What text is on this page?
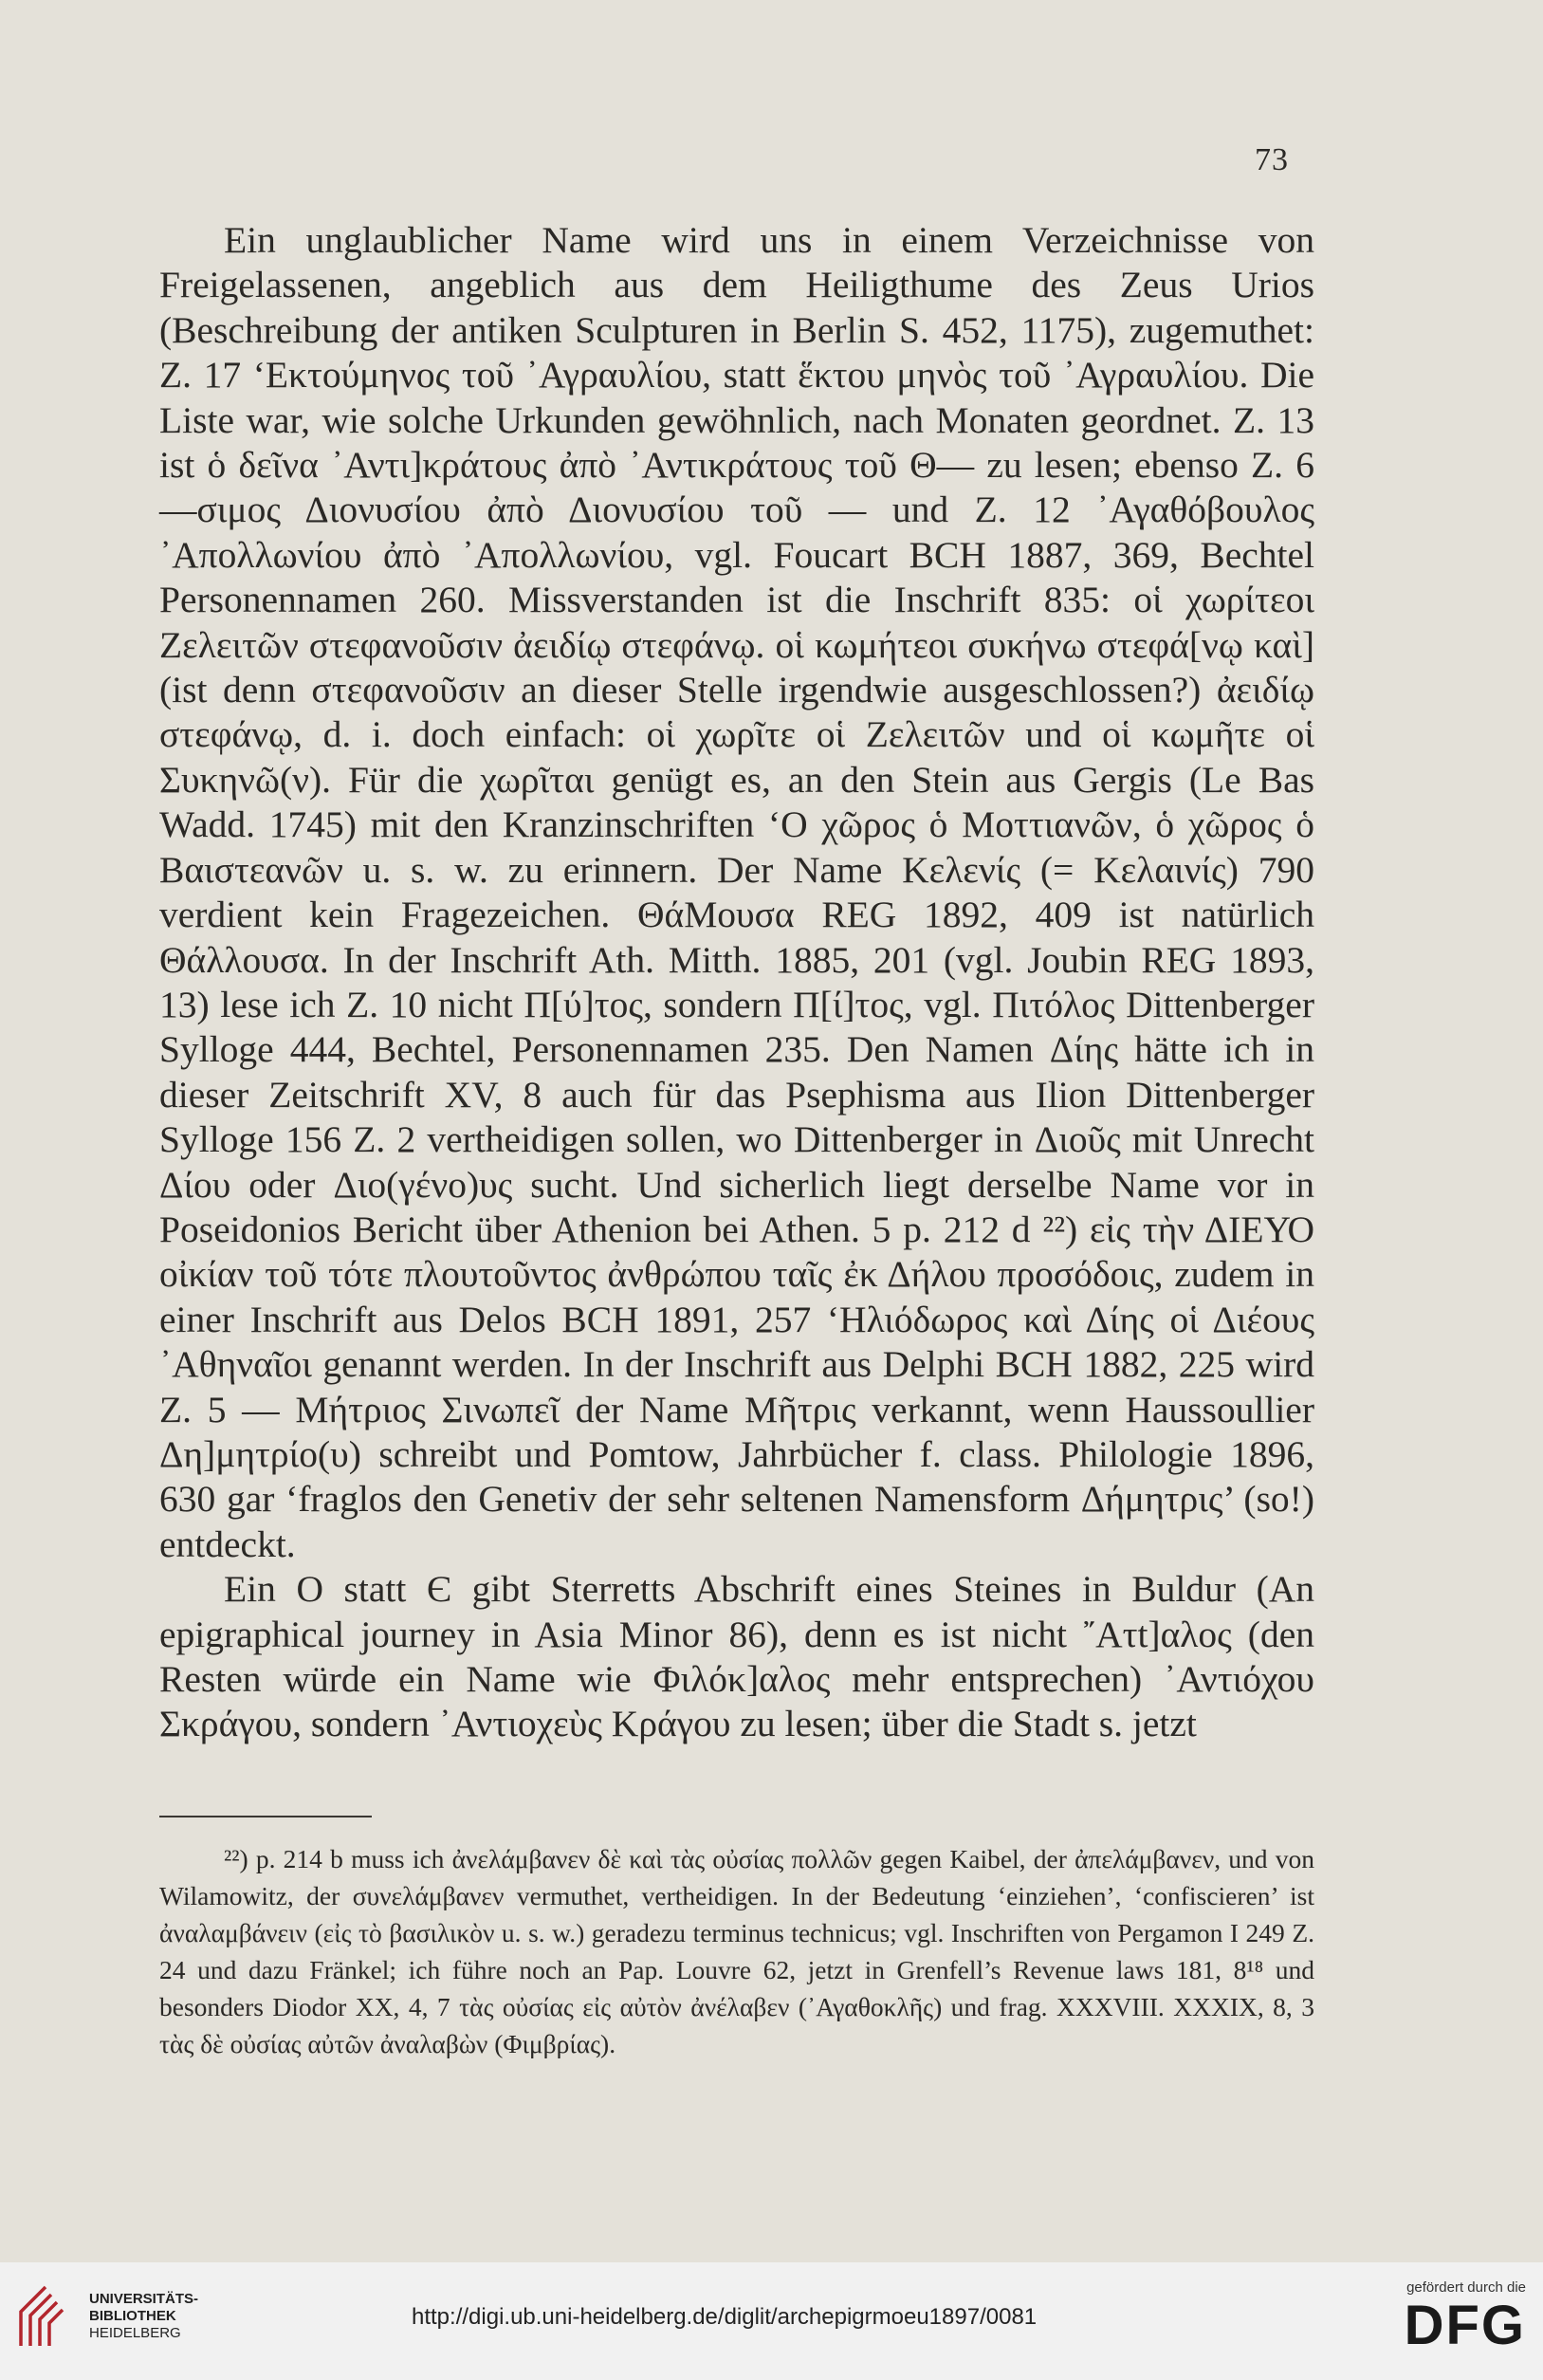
73

Ein unglaublicher Name wird uns in einem Verzeichnisse von Freigelassenen, angeblich aus dem Heiligthume des Zeus Urios (Beschreibung der antiken Sculpturen in Berlin S. 452, 1175), zugemuthet: Z. 17 ‘Εκτούμηνος τοῦ ᾿Αγραυλίου, statt ἕκτου μηνὸς τοῦ ᾿Αγραυλίου. Die Liste war, wie solche Urkunden gewöhnlich, nach Monaten geordnet. Z. 13 ist ὁ δεῖνα ᾿Αντι]κράτους ἀπὸ ᾿Αντικράτους τοῦ Θ— zu lesen; ebenso Z. 6 —σιμος Διονυσίου ἀπὸ Διονυσίου τοῦ — und Z. 12 ᾿Αγαθόβουλος ᾿Απολλωνίου ἀπὸ ᾿Απολλωνίου, vgl. Foucart BCH 1887, 369, Bechtel Personennamen 260. Missverstanden ist die Inschrift 835: οἱ χωρίτεοι Ζελειτῶν στεφανοῦσιν ἀειδίῳ στεφάνῳ. οἱ κωμήτεοι συκήνω στεφά[νῳ καὶ] (ist denn στεφανοῦσιν an dieser Stelle irgendwie ausgeschlossen?) ἀειδίῳ στεφάνῳ, d. i. doch einfach: οἱ χωρῖτε οἱ Ζελειτῶν und οἱ κωμῆτε οἱ Συκηνῶ(ν). Für die χωρῖται genügt es, an den Stein aus Gergis (Le Bas Wadd. 1745) mit den Kranzinschriften ‘Ο χῶρος ὁ Μοττιανῶν, ὁ χῶρος ὁ Βαιστεανῶν u. s. w. zu erinnern. Der Name Κελενίς (= Κελαινίς) 790 verdient kein Fragezeichen. ΘάΜουσα REG 1892, 409 ist natürlich Θάλλουσα. In der Inschrift Ath. Mitth. 1885, 201 (vgl. Joubin REG 1893, 13) lese ich Z. 10 nicht Π[ύ]τος, sondern Π[ί]τος, vgl. Πιτόλος Dittenberger Sylloge 444, Bechtel, Personennamen 235. Den Namen Δίης hätte ich in dieser Zeitschrift XV, 8 auch für das Psephisma aus Ilion Dittenberger Sylloge 156 Z. 2 vertheidigen sollen, wo Dittenberger in Διοῦς mit Unrecht Δίου oder Διο(γένο)υς sucht. Und sicherlich liegt derselbe Name vor in Poseidonios Bericht über Athenion bei Athen. 5 p. 212 d ²²) εἰς τὴν ΔΙΕΥΟ οἰκίαν τοῦ τότε πλουτοῦντος ἀνθρώπου ταῖς ἐκ Δήλου προσόδοις, zudem in einer Inschrift aus Delos BCH 1891, 257 ‘Ηλιόδωρος καὶ Δίης οἱ Διέους ᾿Αθηναῖοι genannt werden. In der Inschrift aus Delphi BCH 1882, 225 wird Z. 5 — Μήτριος Σινωπεῖ der Name Μῆτρις verkannt, wenn Haussoullier Δη]μητρίο(υ) schreibt und Pomtow, Jahrbücher f. class. Philologie 1896, 630 gar ‘fraglos den Genetiv der sehr seltenen Namensform Δήμητρις’ (so!) entdeckt.

Ein O statt Є gibt Sterretts Abschrift eines Steines in Buldur (An epigraphical journey in Asia Minor 86), denn es ist nicht ῎Ατt]αλος (den Resten würde ein Name wie Φιλόκ]αλος mehr entsprechen) ᾿Αντιόχου Σκράγου, sondern ᾿Αντιοχεὺς Κράγου zu lesen; über die Stadt s. jetzt

²²) p. 214 b muss ich ἀνελάμβανεν δὲ καὶ τὰς οὐσίας πολλῶν gegen Kaibel, der ἀπελάμβανεν, und von Wilamowitz, der συνελάμβανεν vermuthet, vertheidigen. In der Bedeutung ‘einziehen’, ‘confiscieren’ ist ἀναλαμβάνειν (εἰς τὸ βασιλικὸν u. s. w.) geradezu terminus technicus; vgl. Inschriften von Pergamon I 249 Z. 24 und dazu Fränkel; ich führe noch an Pap. Louvre 62, jetzt in Grenfell’s Revenue laws 181, 8¹⁸ und besonders Diodor XX, 4, 7 τὰς οὐσίας εἰς αὐτὸν ἀνέλαβεν (᾿Αγαθοκλῆς) und frag. XXXVIII. XXXIX, 8, 3 τὰς δὲ οὐσίας αὐτῶν ἀναλαβὼν (Φιμβρίας).

UNIVERSITÄTS-
BIBLIOTHEK
HEIDELBERG
http://digi.ub.uni-heidelberg.de/diglit/archepigrmoeu1897/0081
gefördert durch die
DFG
